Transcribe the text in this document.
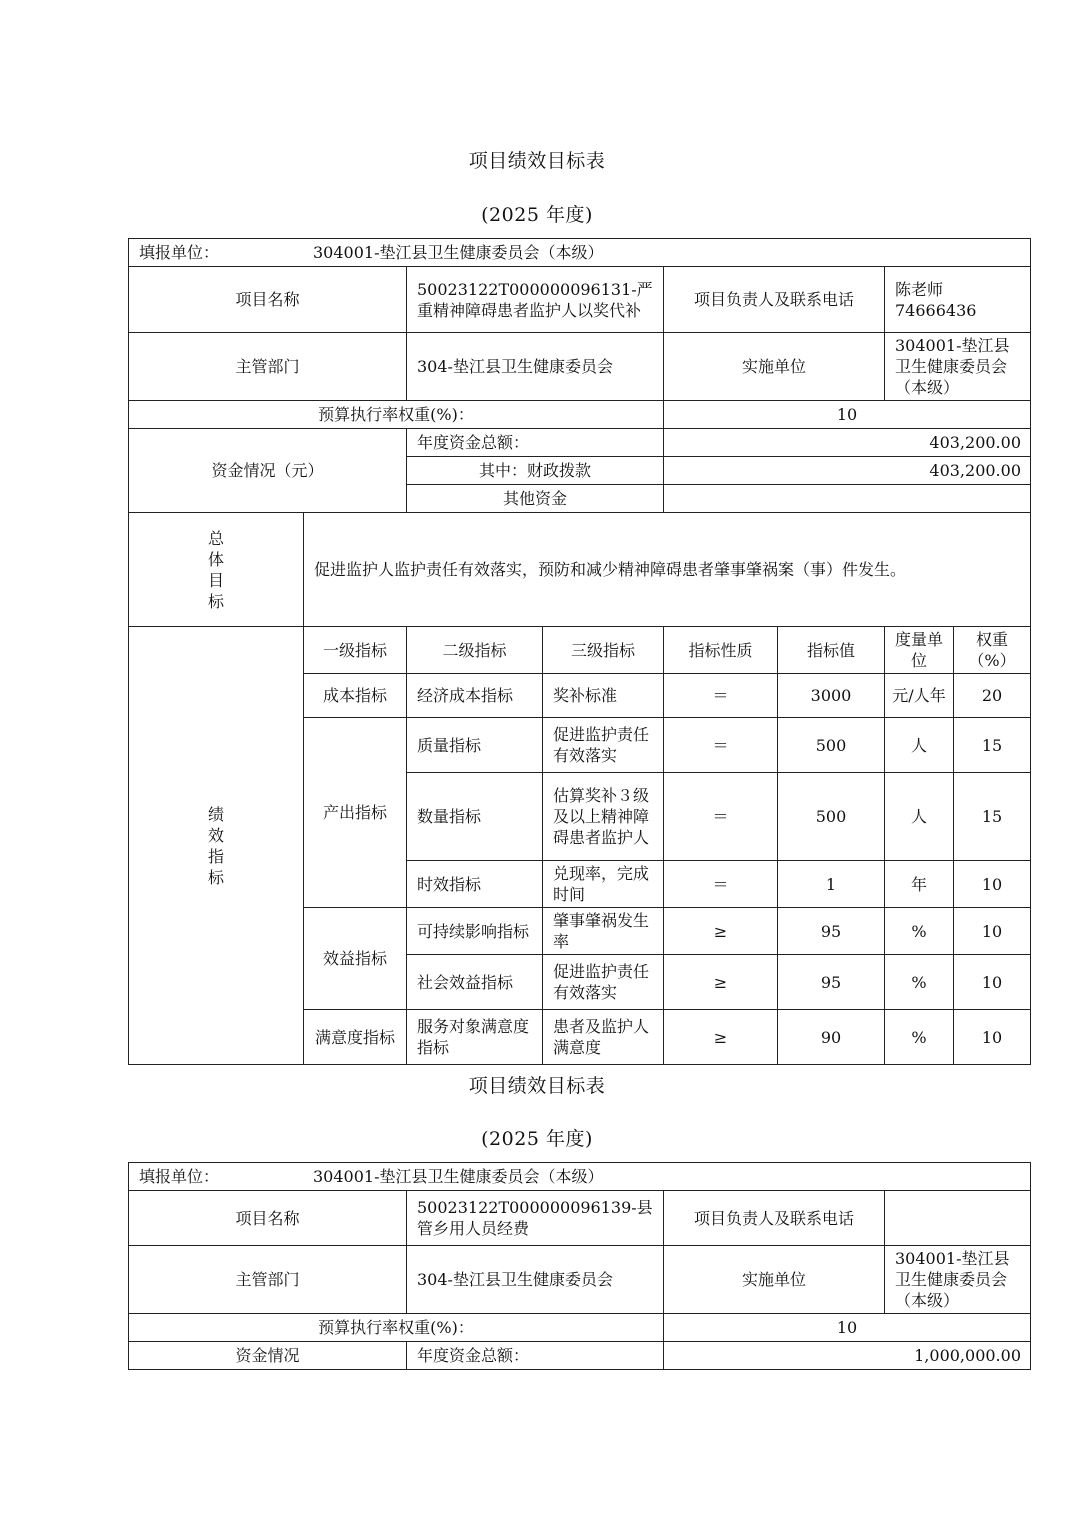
项目绩效目标表
(2025 年度)
填报单位： 304001-垫江县卫生健康委员会（本级）							
项目名称		50023122T000000096131-严重精神障碍患者监护人以奖代补		项目负责人及联系电话		陈老师 74666436	
主管部门		304-垫江县卫生健康委员会		实施单位		304001-垫江县卫生健康委员会（本级）	
预算执行率权重(%)：				10			
资金情况（元）		年度资金总额：		403,200.00			
		其中：财政拨款		403,200.00			
		其他资金					

总
体
目
标	促进监护人监护责任有效落实，预防和减少精神障碍患者肇事肇祸案（事）件发生。						

绩
效
指
标	一级指标	二级指标	三级指标	指标性质	指标值	度量单位	权重（%）
	成本指标	经济成本指标	奖补标准	＝	3000	元/人年	20
	产出指标	质量指标	促进监护责任有效落实	＝	500	人	15
		数量指标	估算奖补３级及以上精神障碍患者监护人	＝	500	人	15
		时效指标	兑现率，完成时间	＝	1	年	10
	效益指标	可持续影响指标	肇事肇祸发生率	≥	95	%	10
		社会效益指标	促进监护责任有效落实	≥	95	%	10
	满意度指标	服务对象满意度指标	患者及监护人满意度	≥	90	%	10
项目绩效目标表
(2025 年度)
填报单位： 304001-垫江县卫生健康委员会（本级）			
项目名称	50023122T000000096139-县管乡用人员经费	项目负责人及联系电话	
主管部门	304-垫江县卫生健康委员会	实施单位	304001-垫江县卫生健康委员会（本级）
预算执行率权重(%)：		10	
资金情况	年度资金总额：	1,000,000.00	
